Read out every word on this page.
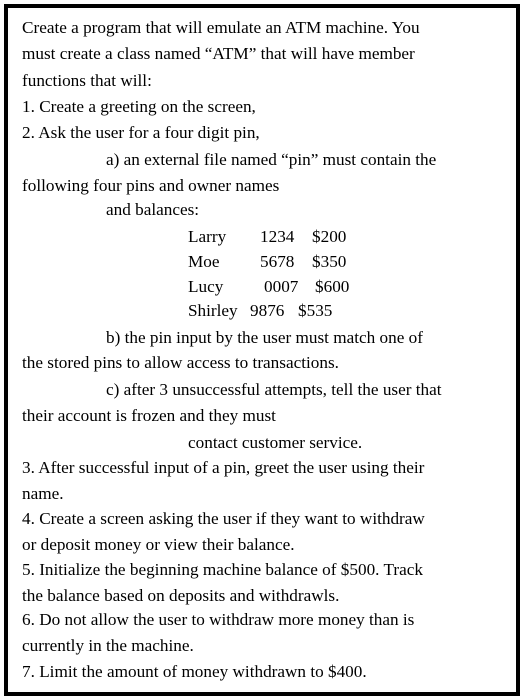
Create a program that will emulate an ATM machine. You

must create a class named “ATM” that will have member

functions that will:

1. Create a greeting on the screen,

2. Ask the user for a four digit pin,

a) an external file named “pin” must contain the

following four pins and owner names

and balances:

Larry 1234 $200
Moe 5678 $350
Lucy 0007 $600
Shirley 9876 $535

b) the pin input by the user must match one of

the stored pins to allow access to transactions.

c) after 3 unsuccessful attempts, tell the user that

their account is frozen and they must

contact customer service.

3. After successful input of a pin, greet the user using their

name.

4. Create a screen asking the user if they want to withdraw

or deposit money or view their balance.

5. Initialize the beginning machine balance of $500. Track

the balance based on deposits and withdrawls.

6. Do not allow the user to withdraw more money than is

currently in the machine.

7. Limit the amount of money withdrawn to $400.
